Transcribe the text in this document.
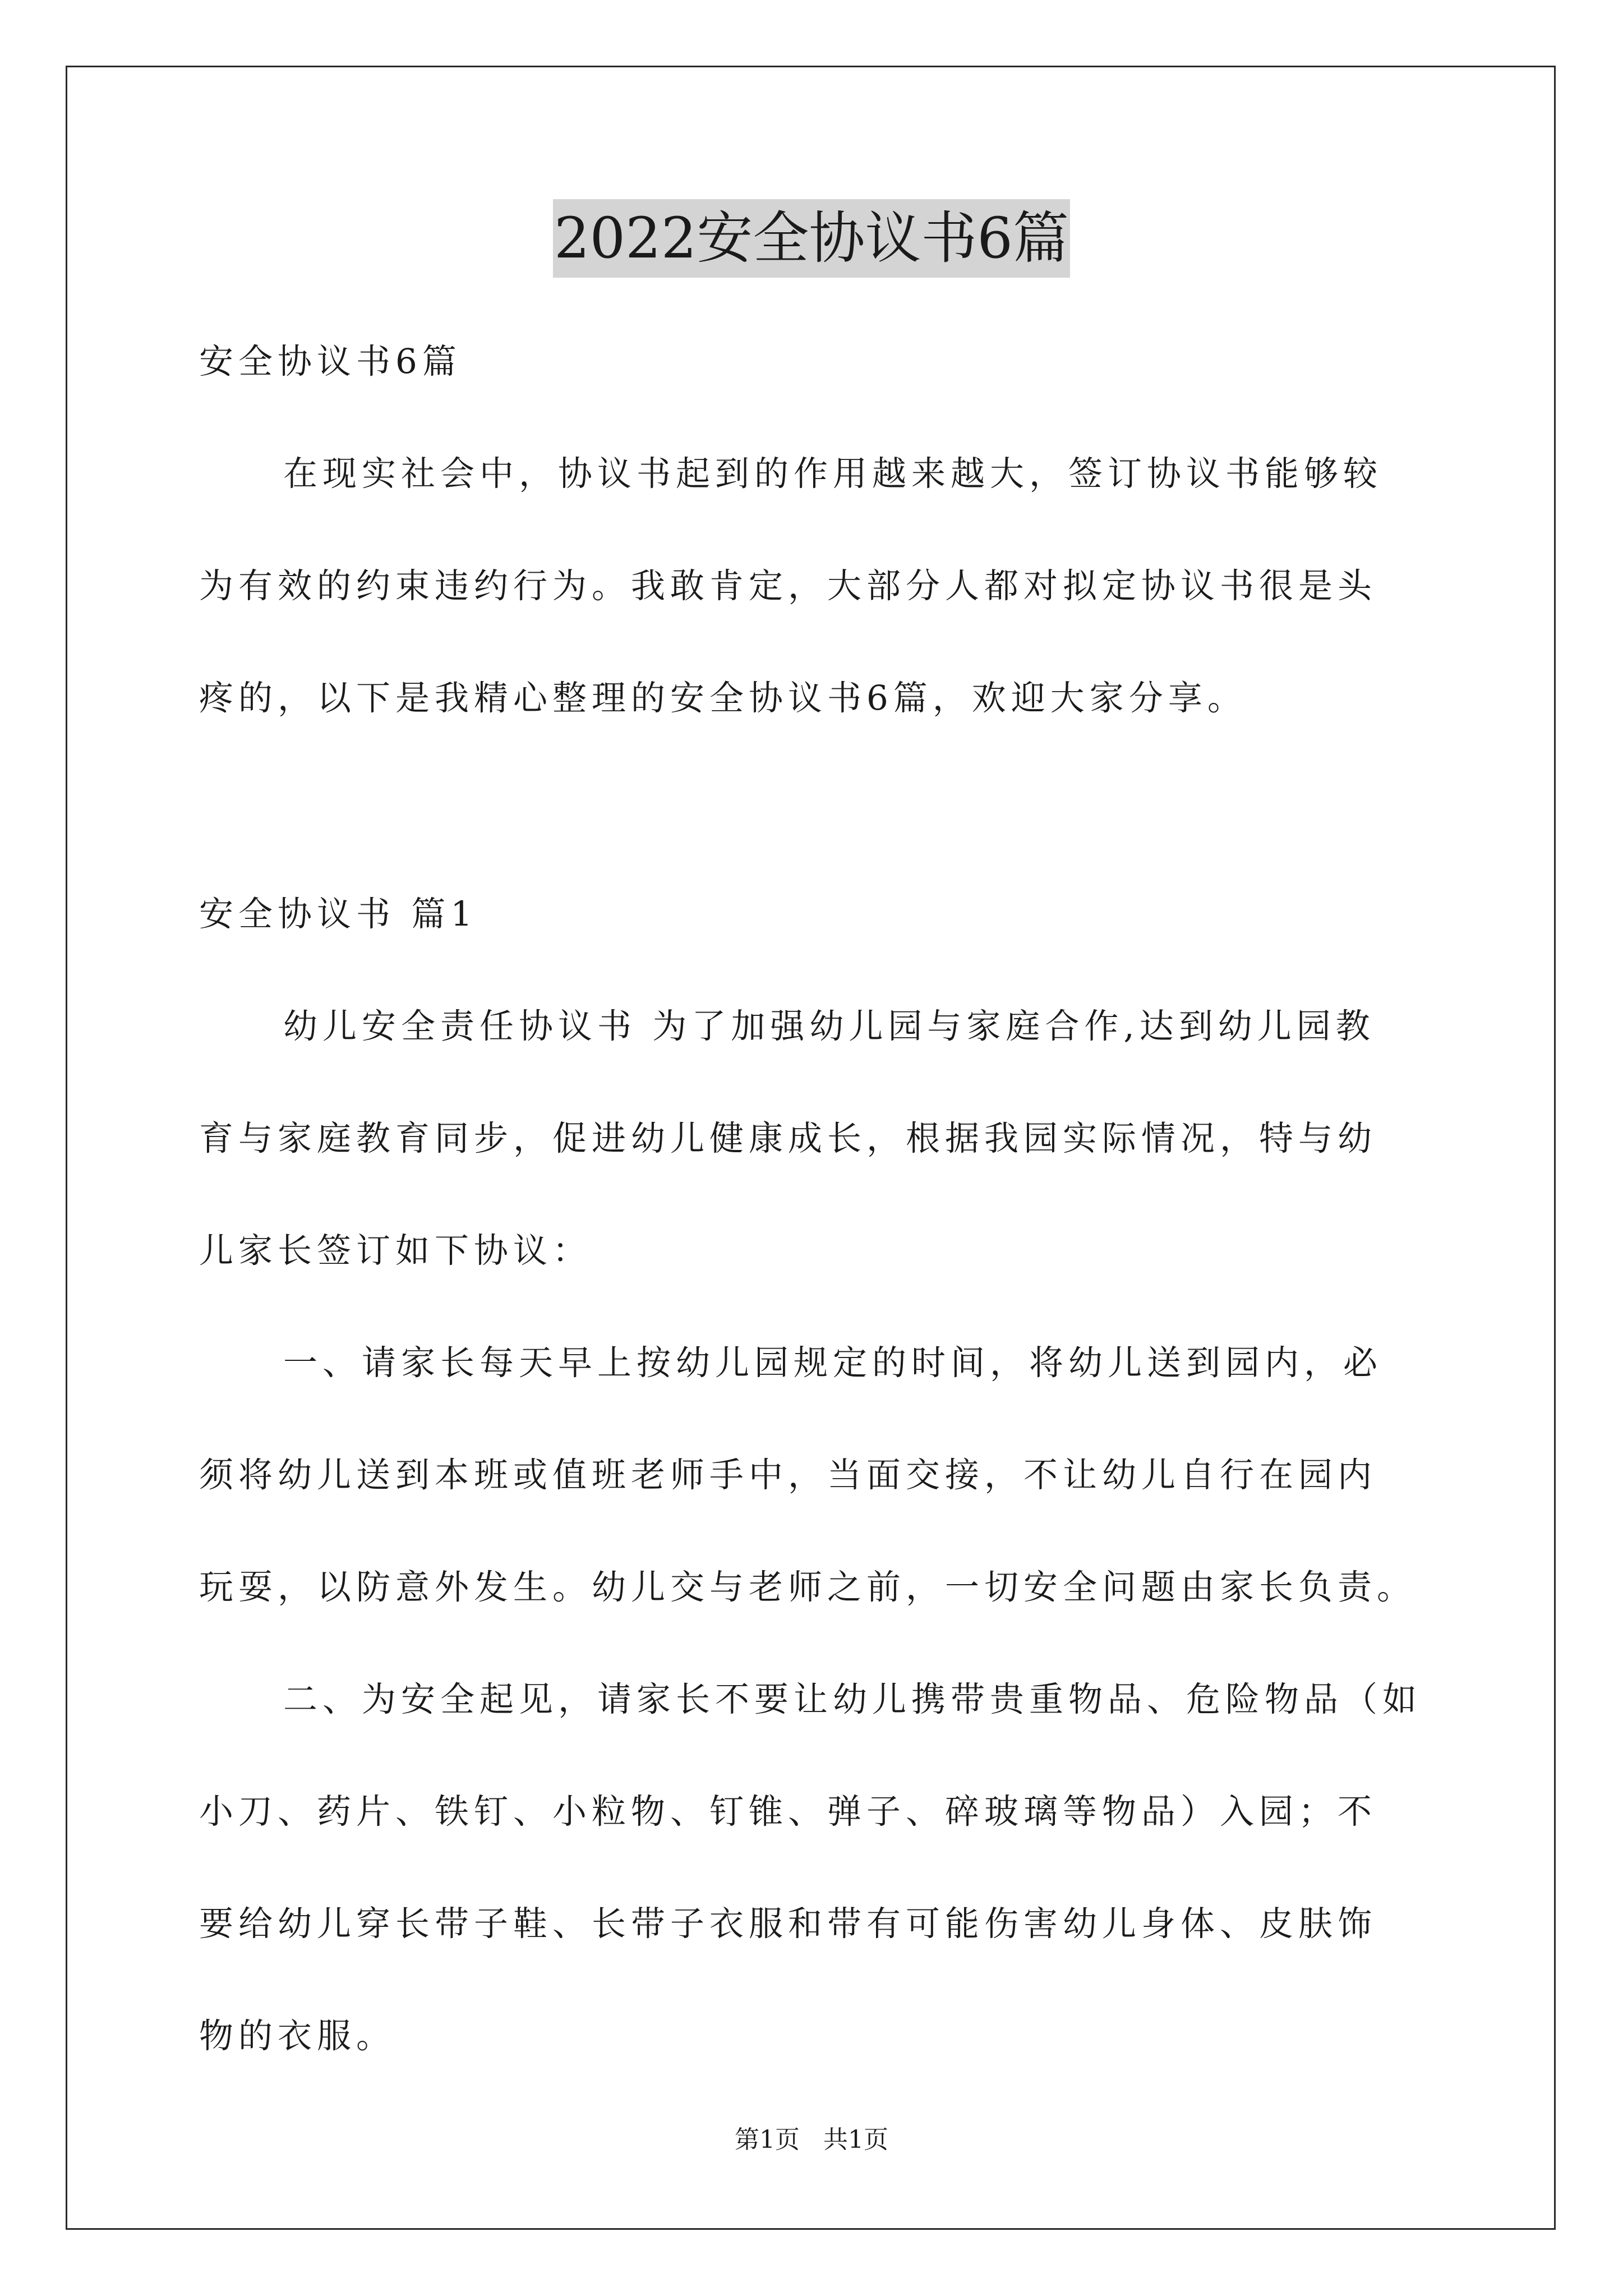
2022安全协议书6篇
安全协议书6篇
在现实社会中，协议书起到的作用越来越大，签订协议书能够较
为有效的约束违约行为。我敢肯定，大部分人都对拟定协议书很是头
疼的，以下是我精心整理的安全协议书6篇，欢迎大家分享。
安全协议书 篇1
幼儿安全责任协议书 为了加强幼儿园与家庭合作,达到幼儿园教
育与家庭教育同步，促进幼儿健康成长，根据我园实际情况，特与幼
儿家长签订如下协议：
一、请家长每天早上按幼儿园规定的时间，将幼儿送到园内，必
须将幼儿送到本班或值班老师手中，当面交接，不让幼儿自行在园内
玩耍，以防意外发生。幼儿交与老师之前，一切安全问题由家长负责。
二、为安全起见，请家长不要让幼儿携带贵重物品、危险物品（如
小刀、药片、铁钉、小粒物、钉锥、弹子、碎玻璃等物品）入园；不
要给幼儿穿长带子鞋、长带子衣服和带有可能伤害幼儿身体、皮肤饰
物的衣服。
第1页   共1页
